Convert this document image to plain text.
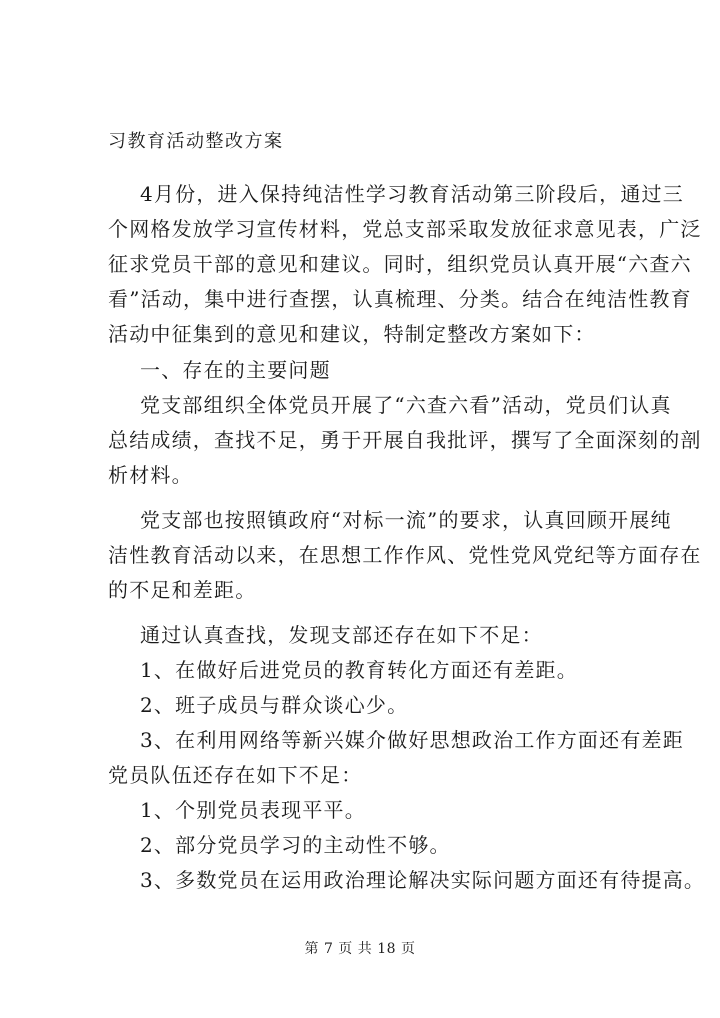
习教育活动整改方案
4月份，进入保持纯洁性学习教育活动第三阶段后，通过三
个网格发放学习宣传材料，党总支部采取发放征求意见表，广泛
征求党员干部的意见和建议。同时，组织党员认真开展“六查六
看”活动，集中进行查摆，认真梳理、分类。结合在纯洁性教育
活动中征集到的意见和建议，特制定整改方案如下：
一、存在的主要问题
党支部组织全体党员开展了“六查六看”活动，党员们认真
总结成绩，查找不足，勇于开展自我批评，撰写了全面深刻的剖
析材料。
党支部也按照镇政府“对标一流”的要求，认真回顾开展纯
洁性教育活动以来，在思想工作作风、党性党风党纪等方面存在
的不足和差距。
通过认真查找，发现支部还存在如下不足：
1、在做好后进党员的教育转化方面还有差距。
2、班子成员与群众谈心少。
3、在利用网络等新兴媒介做好思想政治工作方面还有差距
党员队伍还存在如下不足：
1、个别党员表现平平。
2、部分党员学习的主动性不够。
3、多数党员在运用政治理论解决实际问题方面还有待提高。
第 7 页 共 18 页
